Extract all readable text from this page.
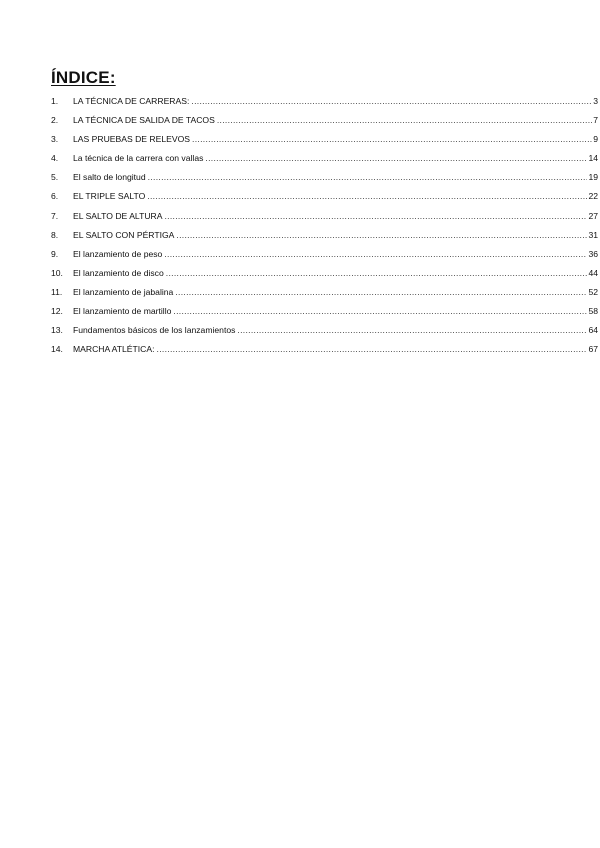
ÍNDICE:
1.	LA TÉCNICA DE CARRERAS: .....	3
2.	LA TÉCNICA DE SALIDA DE TACOS .....	7
3.	LAS PRUEBAS DE RELEVOS .....	9
4.	La técnica de la carrera con vallas .....	14
5.	El salto de longitud .....	19
6.	EL TRIPLE SALTO .....	22
7.	EL SALTO DE ALTURA .....	27
8.	EL SALTO CON PÉRTIGA .....	31
9.	El lanzamiento de peso .....	36
10.	El lanzamiento de disco .....	44
11.	El lanzamiento de jabalina .....	52
12.	El lanzamiento de martillo .....	58
13.	Fundamentos básicos de los lanzamientos .....	64
14.	MARCHA ATLÉTICA: .....	67
